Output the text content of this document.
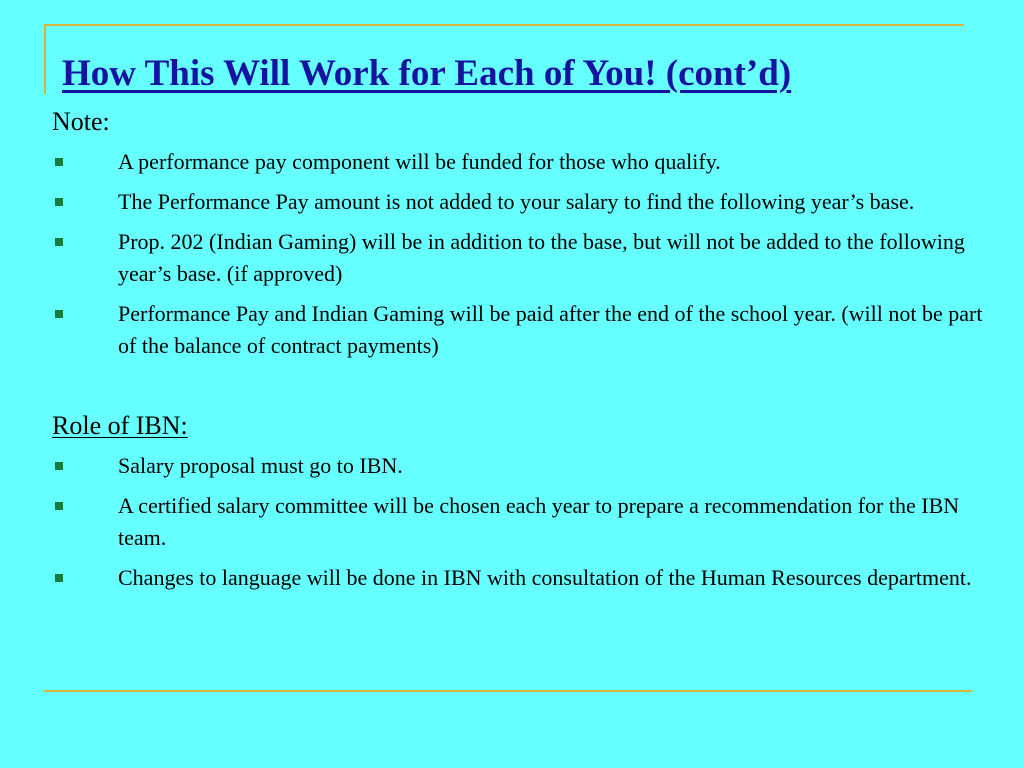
How This Will Work for Each of You! (cont’d)
Note:
A performance pay component will be funded for those who qualify.
The Performance Pay amount is not added to your salary to find the following year’s base.
Prop. 202 (Indian Gaming) will be in addition to the base, but will not be added to the following year’s base. (if approved)
Performance Pay and Indian Gaming will be paid after the end of the school year. (will not be part of the balance of contract payments)
Role of IBN:
Salary proposal must go to IBN.
A certified salary committee will be chosen each year to prepare a recommendation for the IBN team.
Changes to language will be done in IBN with consultation of the Human Resources department.
